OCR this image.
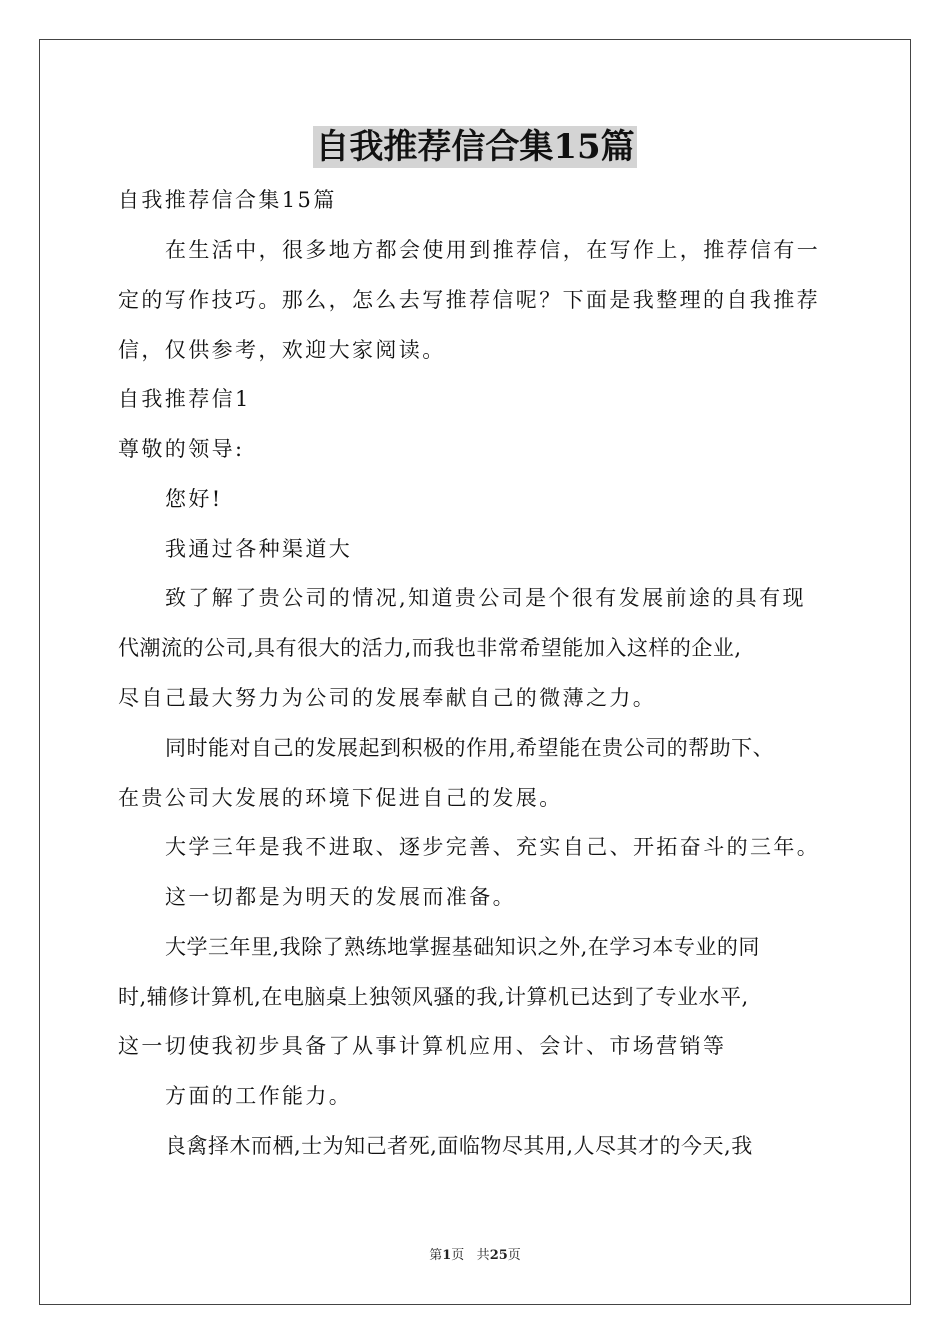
自我推荐信合集15篇
自我推荐信合集15篇
在生活中，很多地方都会使用到推荐信，在写作上，推荐信有一
定的写作技巧。那么，怎么去写推荐信呢？下面是我整理的自我推荐
信，仅供参考，欢迎大家阅读。
自我推荐信1
尊敬的领导:
您好!
我通过各种渠道大
致了解了贵公司的情况,知道贵公司是个很有发展前途的具有现
代潮流的公司,具有很大的活力,而我也非常希望能加入这样的企业,
尽自己最大努力为公司的发展奉献自己的微薄之力。
同时能对自己的发展起到积极的作用,希望能在贵公司的帮助下、
在贵公司大发展的环境下促进自己的发展。
大学三年是我不进取、逐步完善、充实自己、开拓奋斗的三年。
这一切都是为明天的发展而准备。
大学三年里,我除了熟练地掌握基础知识之外,在学习本专业的同
时,辅修计算机,在电脑桌上独领风骚的我,计算机已达到了专业水平,
这一切使我初步具备了从事计算机应用、会计、市场营销等
方面的工作能力。
良禽择木而栖,士为知己者死,面临物尽其用,人尽其才的今天,我
第1页 共25页
